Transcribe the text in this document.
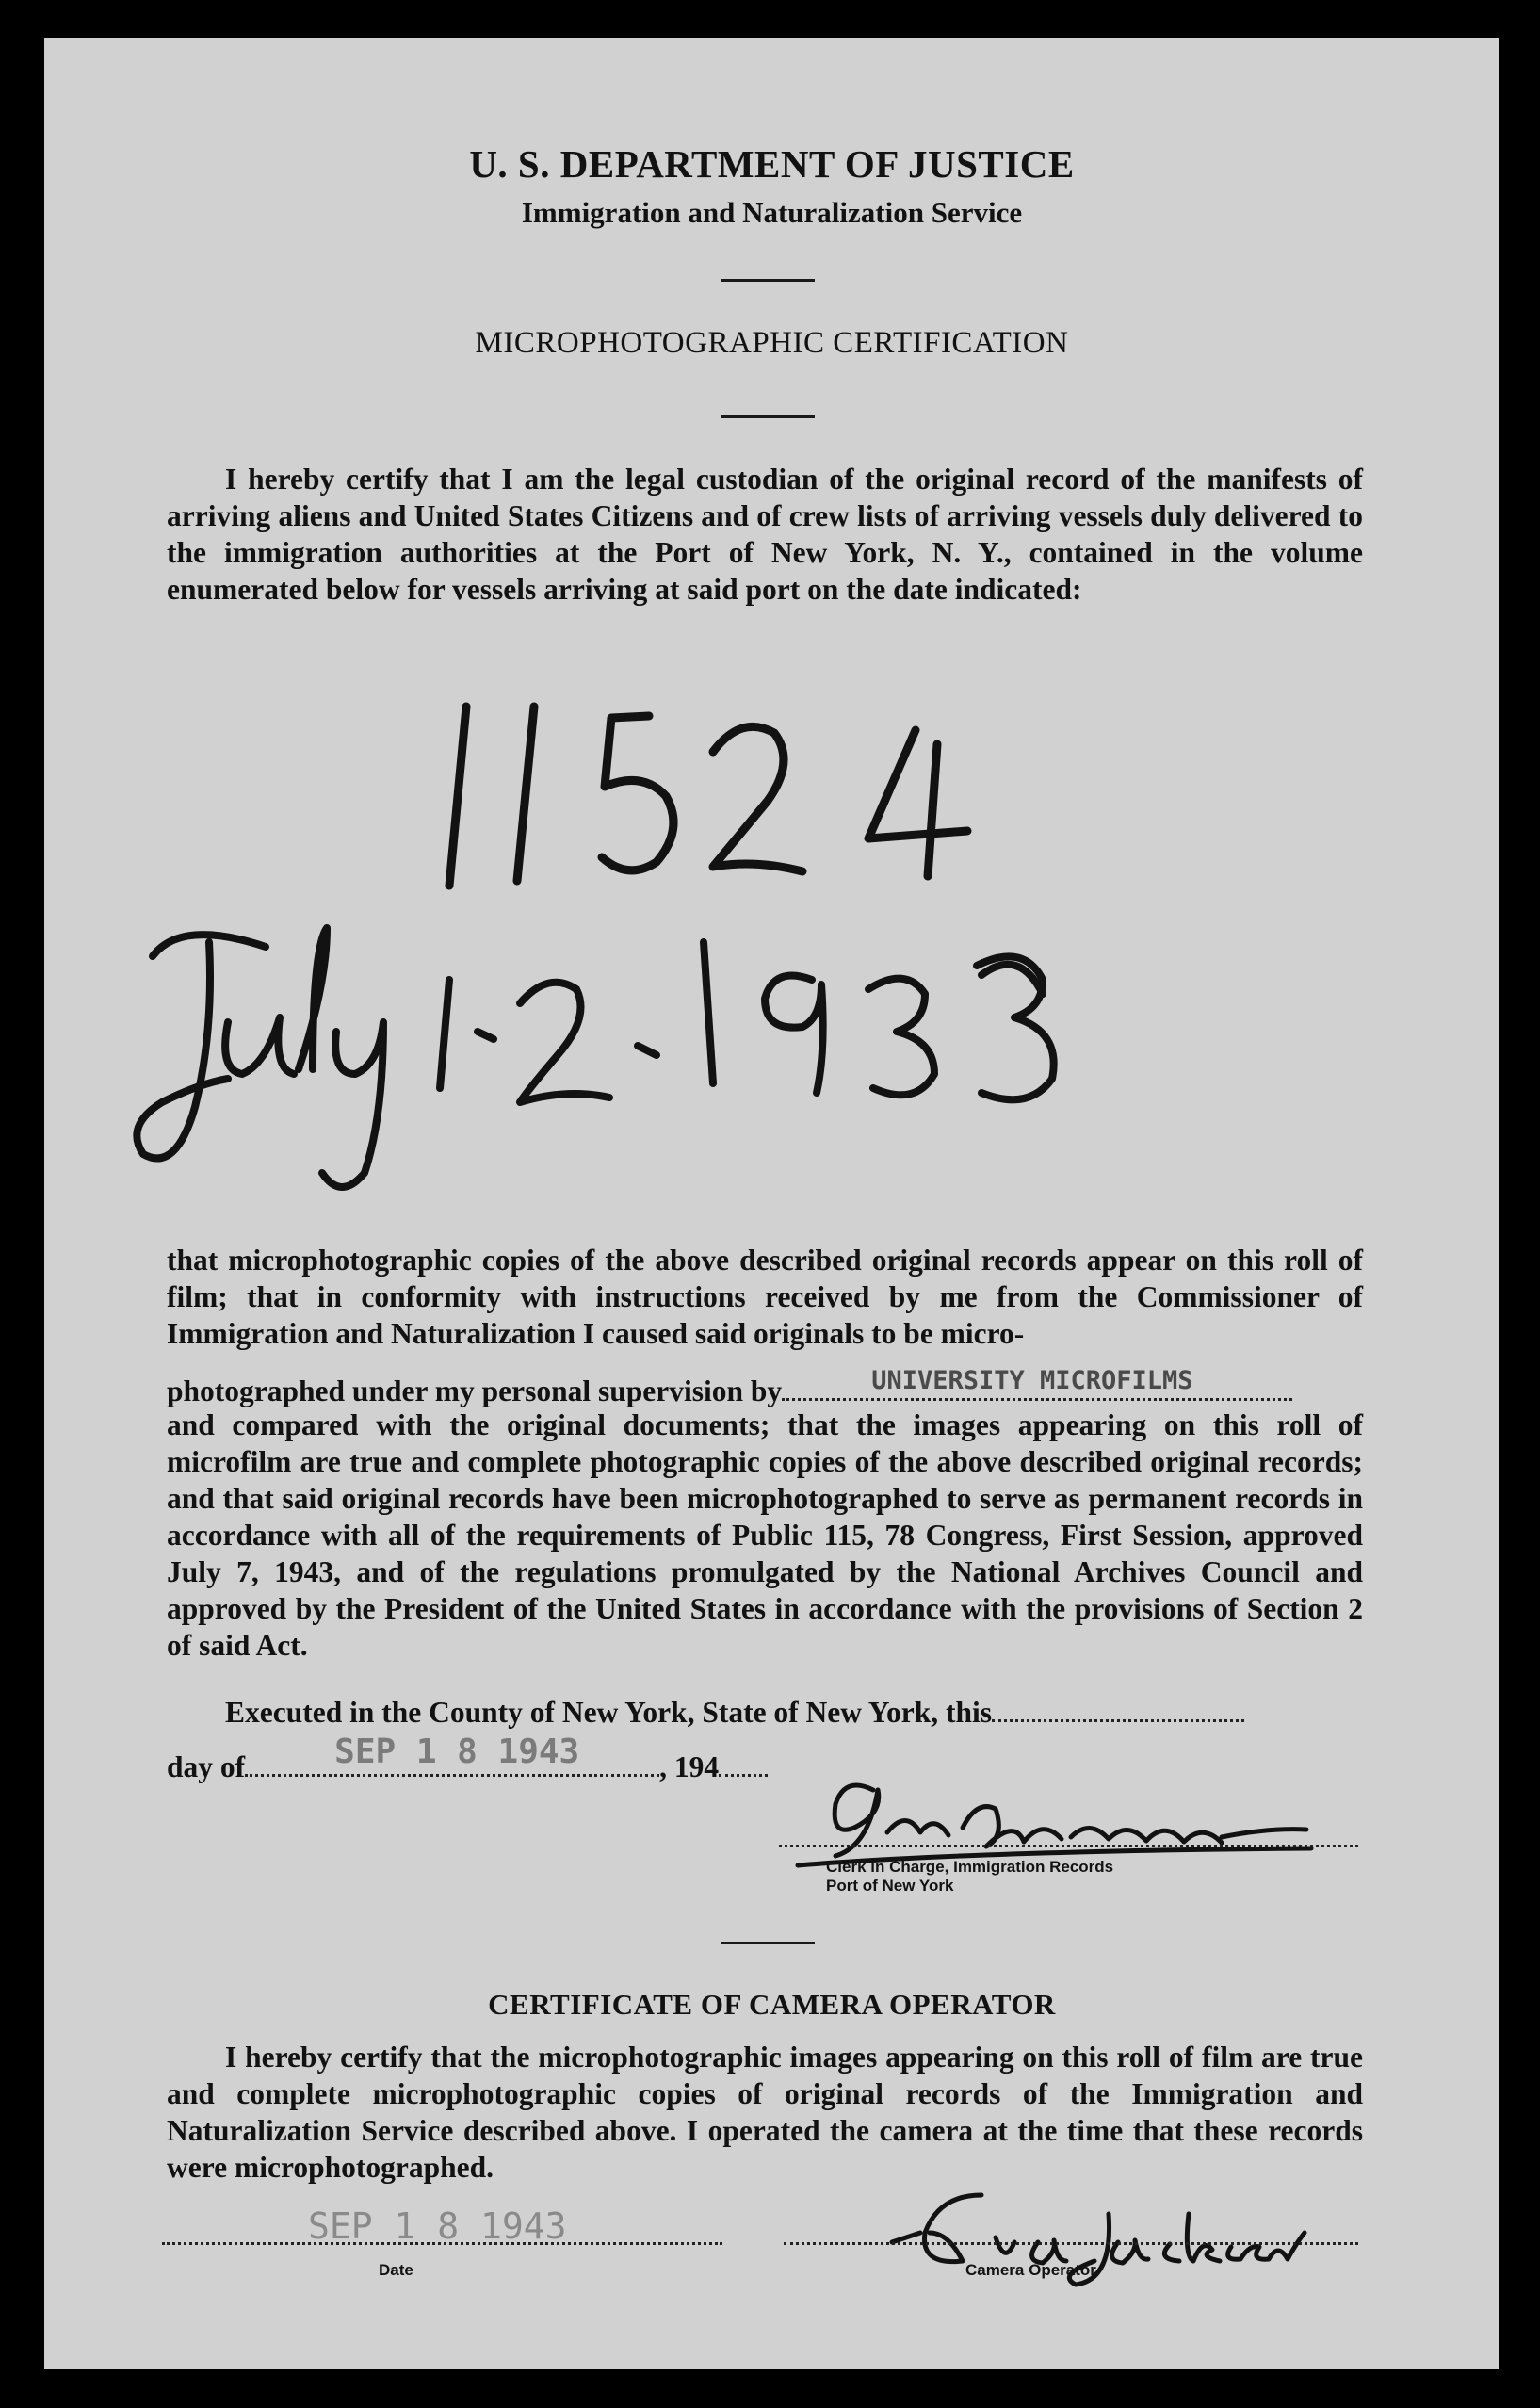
U. S. DEPARTMENT OF JUSTICE
Immigration and Naturalization Service
MICROPHOTOGRAPHIC CERTIFICATION
I hereby certify that I am the legal custodian of the original record of the manifests of arriving aliens and United States Citizens and of crew lists of arriving vessels duly delivered to the immigration authorities at the Port of New York, N. Y., contained in the volume enumerated below for vessels arriving at said port on the date indicated:
that microphotographic copies of the above described original records appear on this roll of film; that in conformity with instructions received by me from the Commissioner of Immigration and Naturalization I caused said originals to be micro-
photographed under my personal supervision by	UNIVERSITY MICROFILMS
and compared with the original documents; that the images appearing on this roll of microfilm are true and complete photographic copies of the above described original records; and that said original records have been microphotographed to serve as permanent records in accordance with all of the requirements of Public 115, 78 Congress, First Session, approved July 7, 1943, and of the regulations promulgated by the National Archives Council and approved by the President of the United States in accordance with the provisions of Section 2 of said Act.
Executed in the County of New York, State of New York, this
day of	SEP 1 8 1943	, 194
Clerk in Charge, Immigration Records
Port of New York
CERTIFICATE OF CAMERA OPERATOR
I hereby certify that the microphotographic images appearing on this roll of film are true and complete microphotographic copies of original records of the Immigration and Naturalization Service described above. I operated the camera at the time that these records were microphotographed.
SEP 1 8 1943
Date	Camera Operator
